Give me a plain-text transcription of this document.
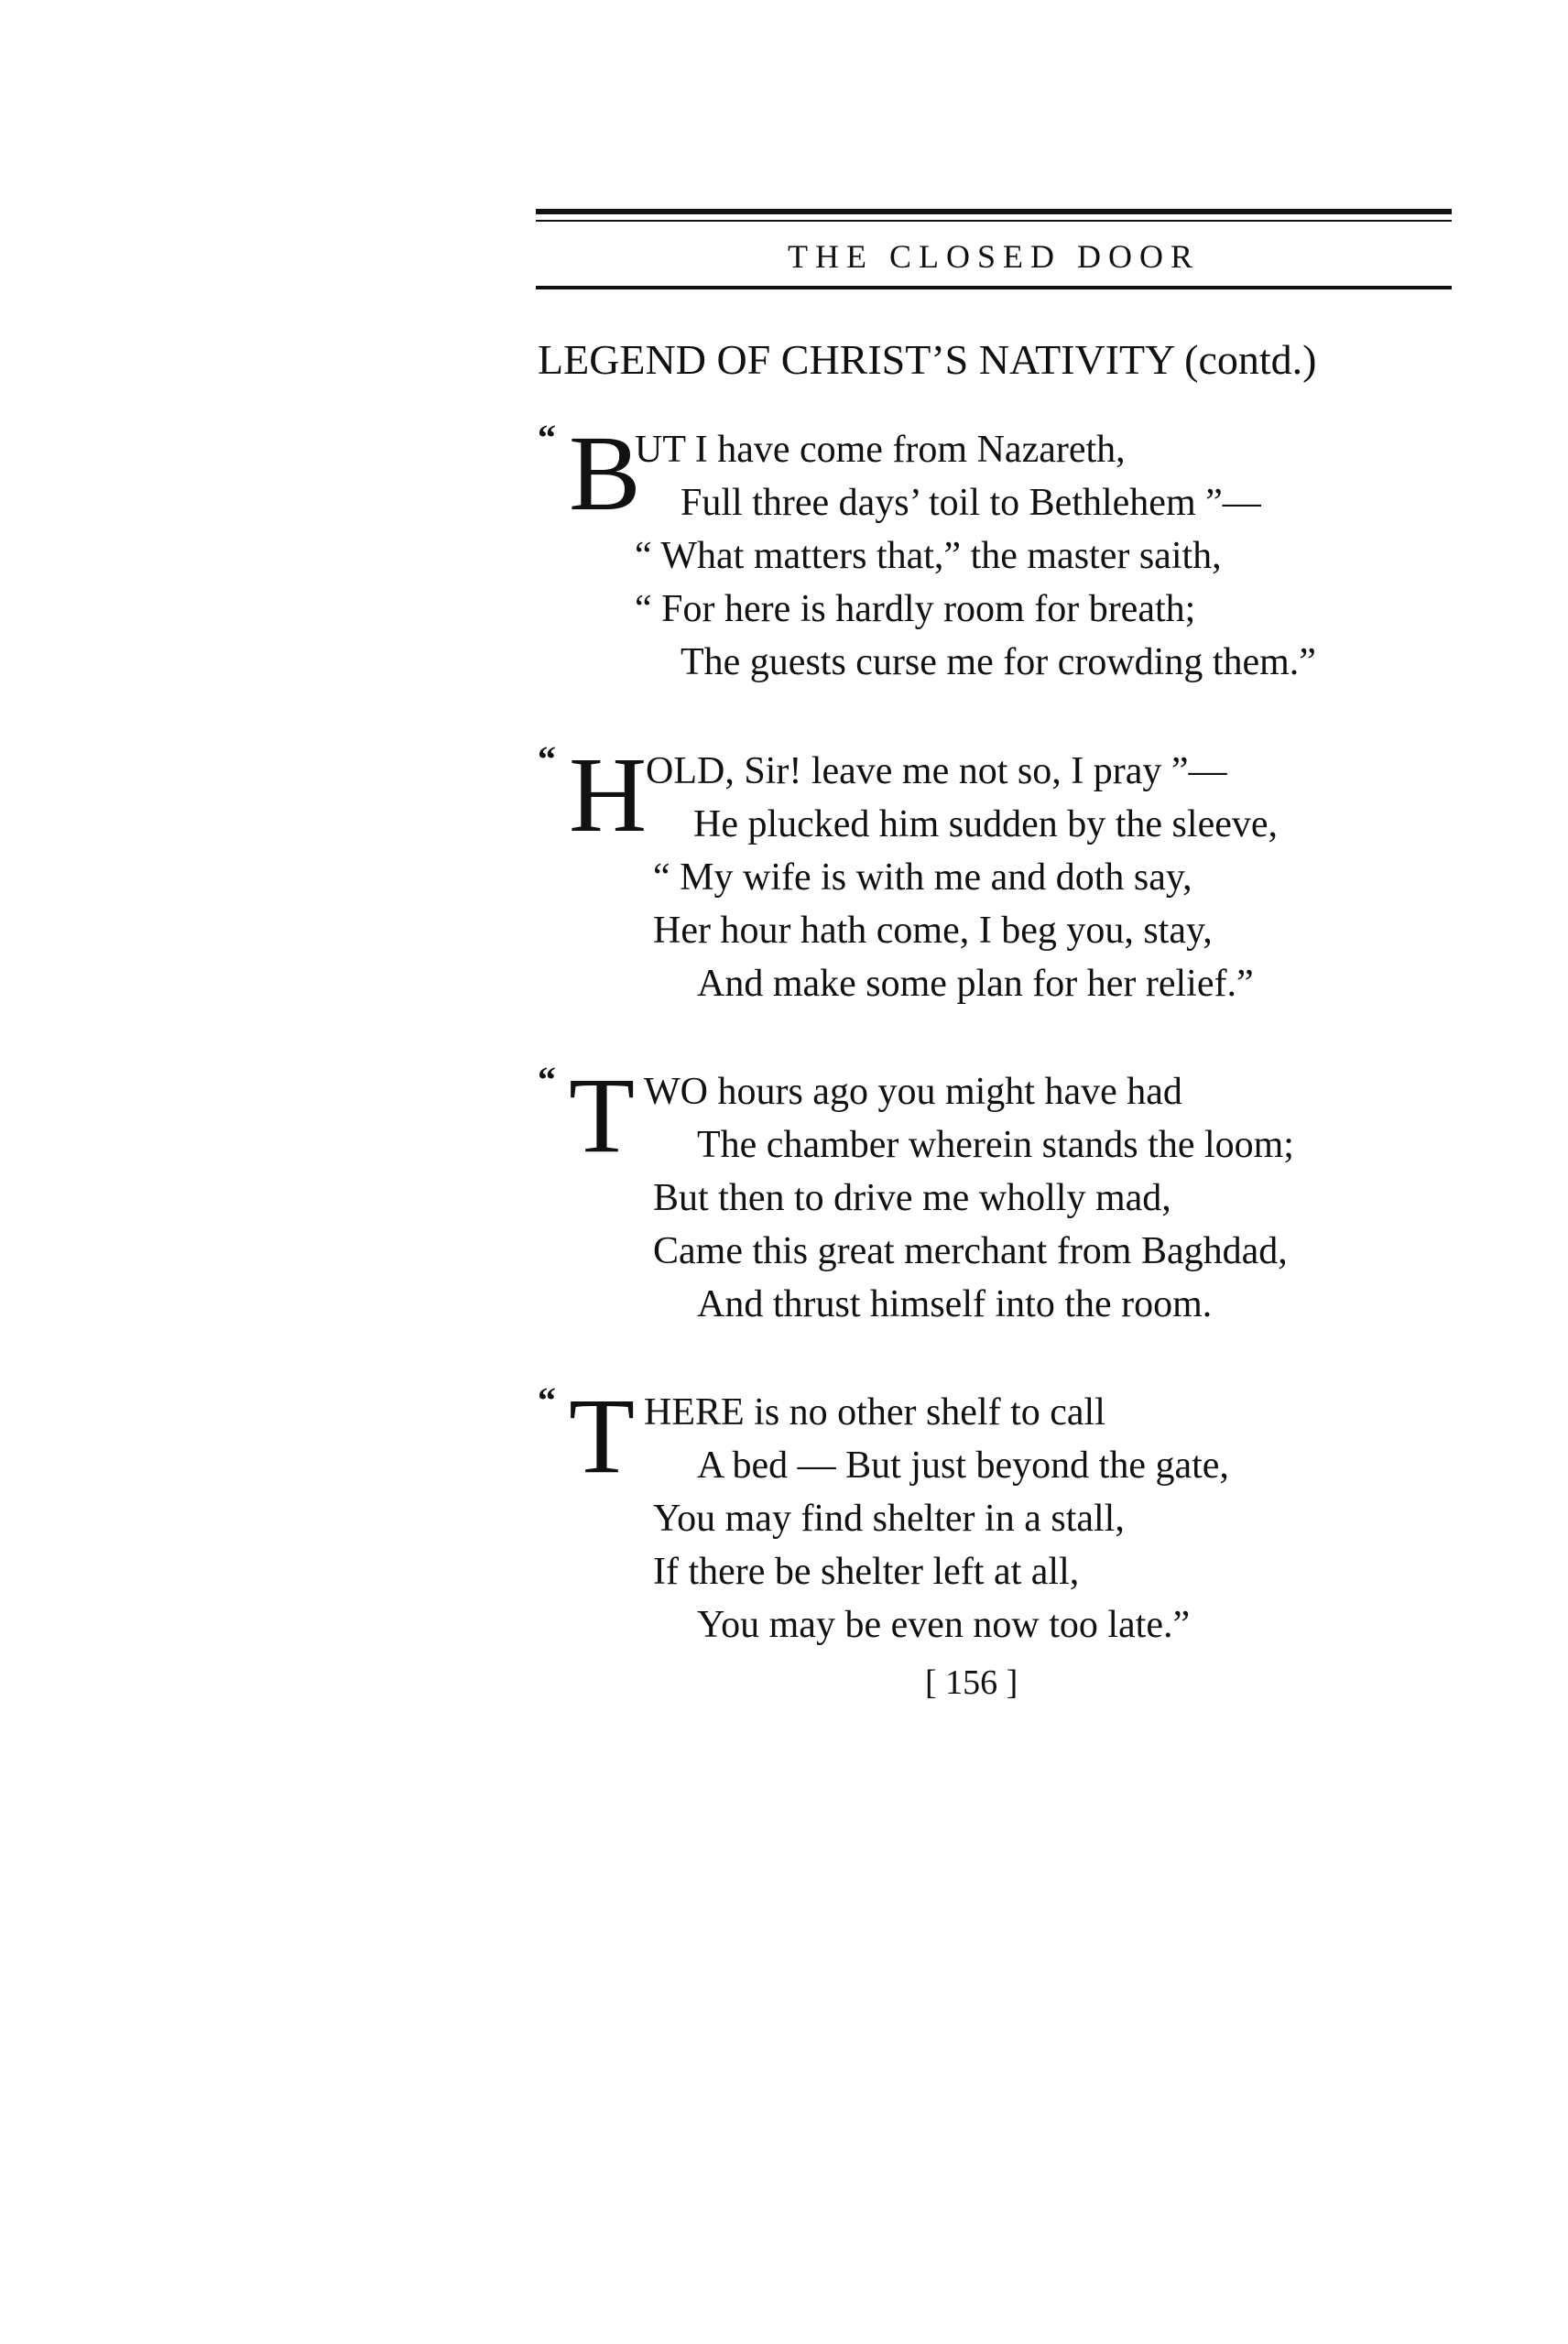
THE CLOSED DOOR
LEGEND OF CHRIST’S NATIVITY (contd.)
“ B
UT I have come from Nazareth,
Full three days’ toil to Bethlehem ”—
“ What matters that,” the master saith,
“ For here is hardly room for breath;
The guests curse me for crowding them.”
“ H
OLD, Sir! leave me not so, I pray ”—
He plucked him sudden by the sleeve,
“ My wife is with me and doth say,
Her hour hath come, I beg you, stay,
And make some plan for her relief.”
“ T WO hours ago you might have had
The chamber wherein stands the loom;
But then to drive me wholly mad,
Came this great merchant from Baghdad,
And thrust himself into the room.
“ T HERE is no other shelf to call
A bed — But just beyond the gate,
You may find shelter in a stall,
If there be shelter left at all,
You may be even now too late.”
[ 156 ]
